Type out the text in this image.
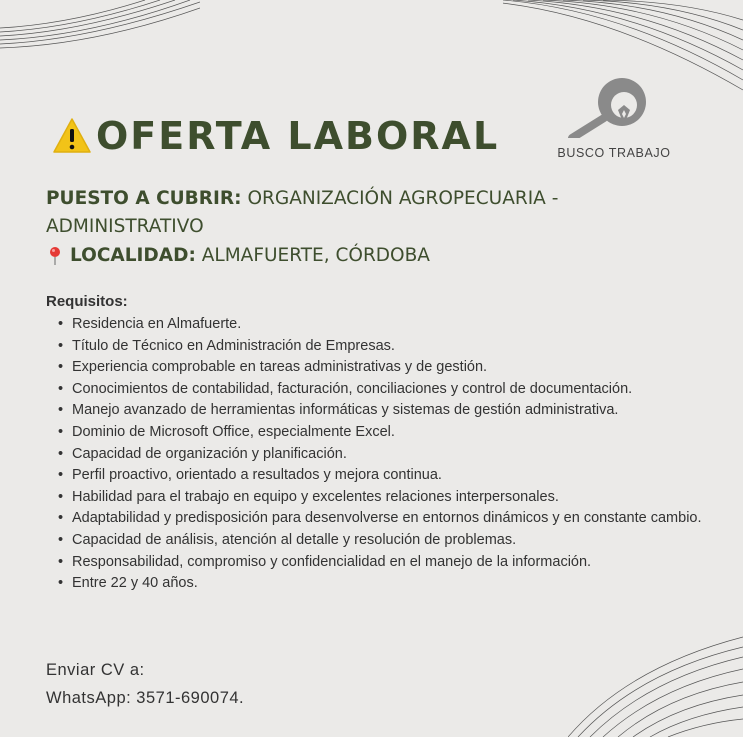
BUSCO TRABAJO
OFERTA LABORAL
PUESTO A CUBRIR: ORGANIZACIÓN AGROPECUARIA - ADMINISTRATIVO
LOCALIDAD:
ALMAFUERTE, CÓRDOBA
Requisitos:
• Residencia en Almafuerte.
• Título de Técnico en Administración de Empresas.
• Experiencia comprobable en tareas administrativas y de gestión.
• Conocimientos de contabilidad, facturación, conciliaciones y control de documentación.
• Manejo avanzado de herramientas informáticas y sistemas de gestión administrativa.
• Dominio de Microsoft Office, especialmente Excel.
• Capacidad de organización y planificación.
• Perfil proactivo, orientado a resultados y mejora continua.
• Habilidad para el trabajo en equipo y excelentes relaciones interpersonales.
• Adaptabilidad y predisposición para desenvolverse en entornos dinámicos y en constante cambio.
• Capacidad de análisis, atención al detalle y resolución de problemas.
• Responsabilidad, compromiso y confidencialidad en el manejo de la información.
• Entre 22 y 40 años.
Enviar CV a:
WhatsApp: 3571-690074.
